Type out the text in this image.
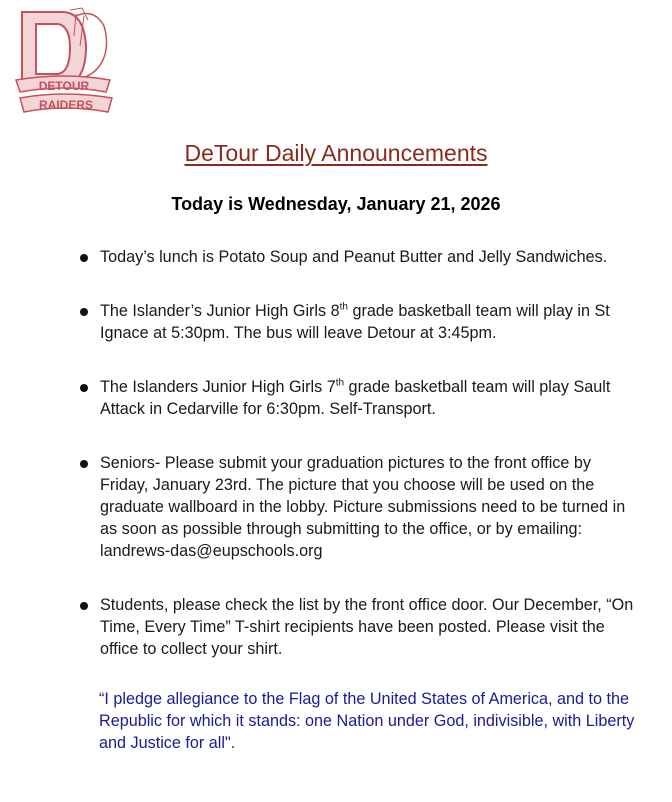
DETOUR
RAIDERS
DeTour Daily Announcements
Today is Wednesday, January 21, 2026
Today’s lunch is Potato Soup and Peanut Butter and Jelly Sandwiches.
The Islander’s Junior High Girls 8th grade basketball team will play in St Ignace at 5:30pm. The bus will leave Detour at 3:45pm.
The Islanders Junior High Girls 7th grade basketball team will play Sault Attack in Cedarville for 6:30pm. Self-Transport.
Seniors- Please submit your graduation pictures to the front office by Friday, January 23rd. The picture that you choose will be used on the graduate wallboard in the lobby. Picture submissions need to be turned in as soon as possible through submitting to the office, or by emailing:
landrews-das@eupschools.org
Students, please check the list by the front office door. Our December, “On Time, Every Time” T-shirt recipients have been posted. Please visit the office to collect your shirt.
“I pledge allegiance to the Flag of the United States of America, and to the Republic for which it stands: one Nation under God, indivisible, with Liberty and Justice for all".
